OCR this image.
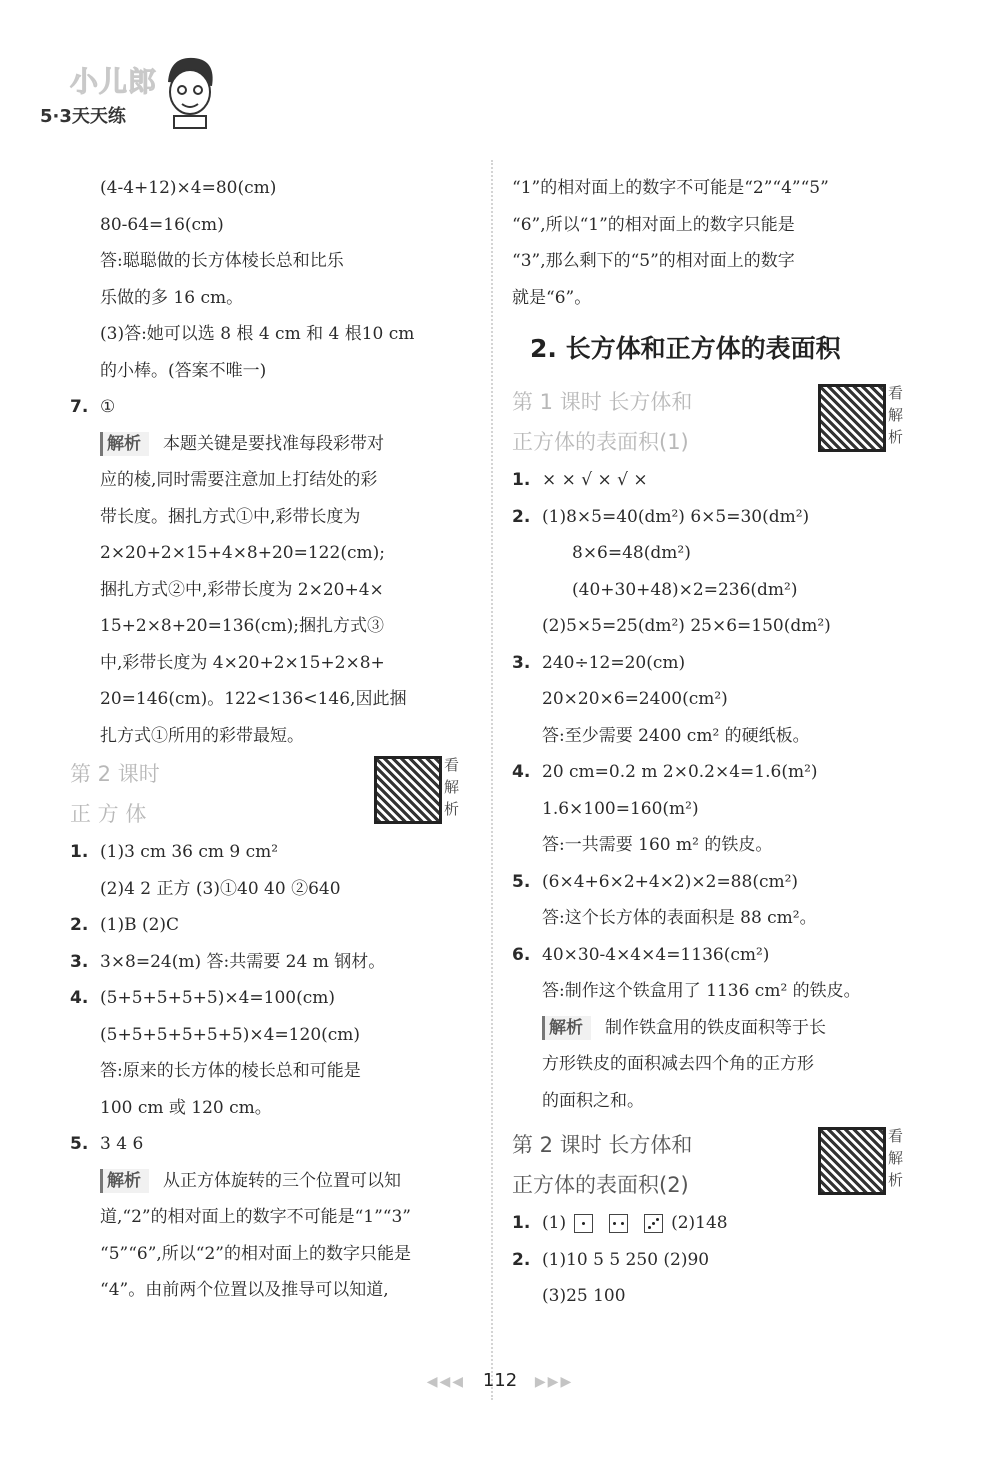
小儿郎
5·3天天练
(4-4+12)×4=80(cm)
80-64=16(cm)
答:聪聪做的长方体棱长总和比乐
乐做的多 16 cm。
(3)答:她可以选 8 根 4 cm 和 4 根10 cm
的小棒。(答案不唯一)
7. ①
解析 本题关键是要找准每段彩带对
应的棱,同时需要注意加上打结处的彩
带长度。捆扎方式①中,彩带长度为
2×20+2×15+4×8+20=122(cm);
捆扎方式②中,彩带长度为 2×20+4×
15+2×8+20=136(cm);捆扎方式③
中,彩带长度为 4×20+2×15+2×8+
20=146(cm)。122<136<146,因此捆
扎方式①所用的彩带最短。
第 2 课时
正 方 体
看
解
析
1. (1)3 cm 36 cm 9 cm²
(2)4 2 正方 (3)①40 40 ②640
2. (1)B (2)C
3. 3×8=24(m) 答:共需要 24 m 钢材。
4. (5+5+5+5+5)×4=100(cm)
(5+5+5+5+5+5)×4=120(cm)
答:原来的长方体的棱长总和可能是
100 cm 或 120 cm。
5. 3 4 6
解析 从正方体旋转的三个位置可以知
道,“2”的相对面上的数字不可能是“1”“3”
“5”“6”,所以“2”的相对面上的数字只能是
“4”。由前两个位置以及推导可以知道,
“1”的相对面上的数字不可能是“2”“4”“5”
“6”,所以“1”的相对面上的数字只能是
“3”,那么剩下的“5”的相对面上的数字
就是“6”。
2. 长方体和正方体的表面积
第 1 课时 长方体和
正方体的表面积(1)
看
解
析
1. × × √ × √ ×
2. (1)8×5=40(dm²) 6×5=30(dm²)
8×6=48(dm²)
(40+30+48)×2=236(dm²)
(2)5×5=25(dm²) 25×6=150(dm²)
3. 240÷12=20(cm)
20×20×6=2400(cm²)
答:至少需要 2400 cm² 的硬纸板。
4. 20 cm=0.2 m 2×0.2×4=1.6(m²)
1.6×100=160(m²)
答:一共需要 160 m² 的铁皮。
5. (6×4+6×2+4×2)×2=88(cm²)
答:这个长方体的表面积是 88 cm²。
6. 40×30-4×4×4=1136(cm²)
答:制作这个铁盒用了 1136 cm² 的铁皮。
解析 制作铁盒用的铁皮面积等于长
方形铁皮的面积减去四个角的正方形
的面积之和。
第 2 课时 长方体和
正方体的表面积(2)
看
解
析
1. (1)	(2)148
2. (1)10 5 5 250 (2)90
(3)25 100
◀◀◀ 112 ▶▶▶
